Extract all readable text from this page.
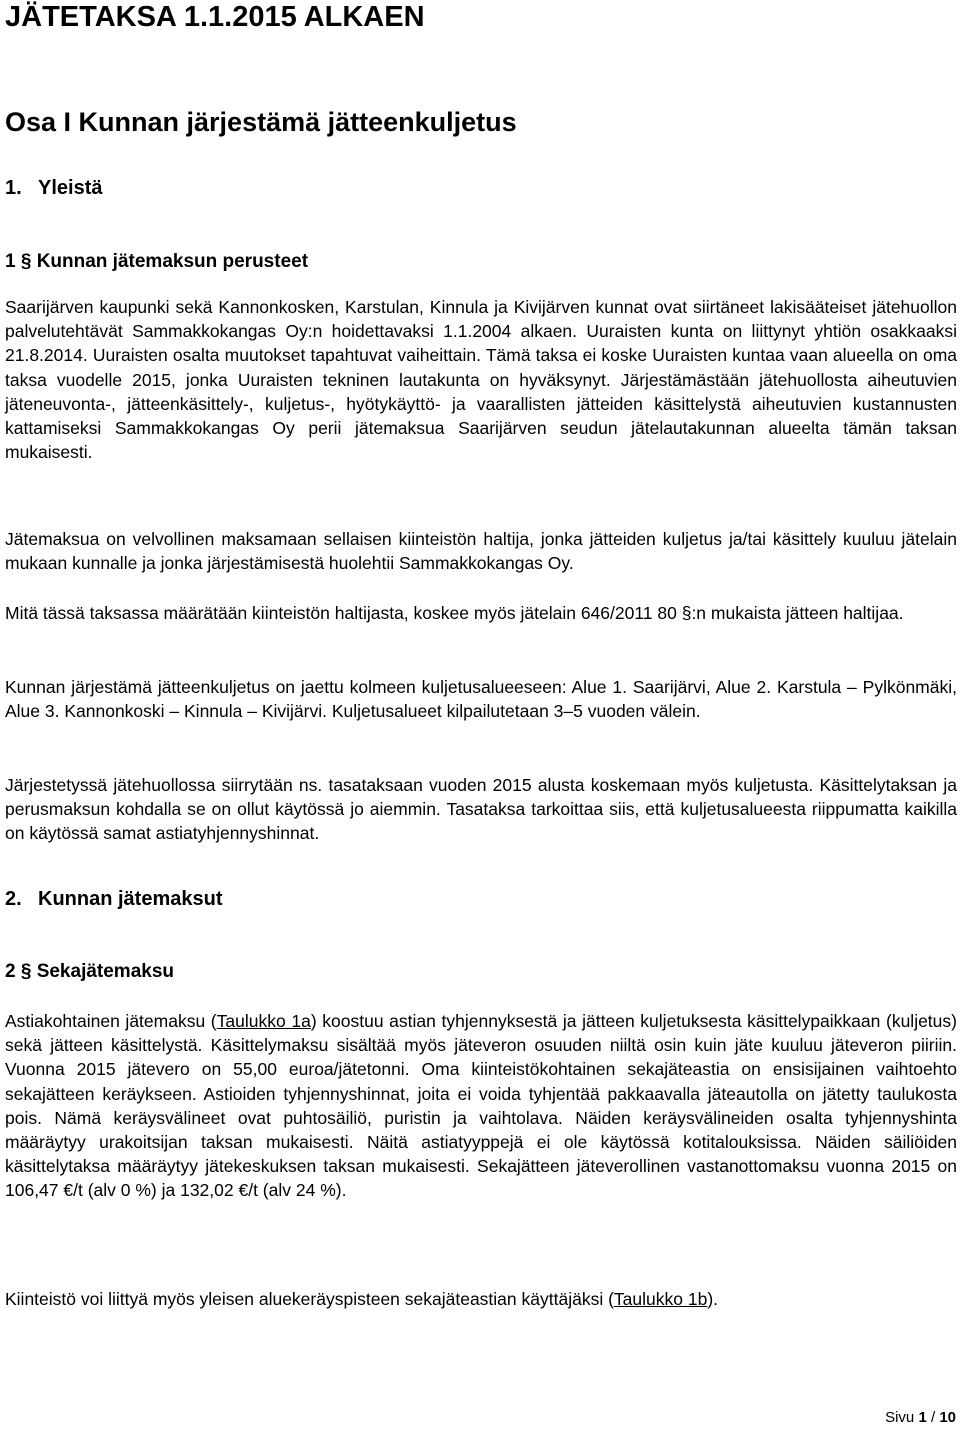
JÄTETAKSA 1.1.2015 ALKAEN
Osa I Kunnan järjestämä jätteenkuljetus
1. Yleistä
1 § Kunnan jätemaksun perusteet

Saarijärven kaupunki sekä Kannonkosken, Karstulan, Kinnula ja Kivijärven kunnat ovat siirtäneet lakisääteiset jätehuollon palvelutehtävät Sammakkokangas Oy:n hoidettavaksi 1.1.2004 alkaen. Uuraisten kunta on liittynyt yhtiön osakkaaksi 21.8.2014. Uuraisten osalta muutokset tapahtuvat vaiheittain. Tämä taksa ei koske Uuraisten kuntaa vaan alueella on oma taksa vuodelle 2015, jonka Uuraisten tekninen lautakunta on hyväksynyt. Järjestämästään jätehuollosta aiheutuvien jäteneuvonta-, jätteenkäsittely-, kuljetus-, hyötykäyttö- ja vaarallisten jätteiden käsittelystä aiheutuvien kustannusten kattamiseksi Sammakkokangas Oy perii jätemaksua Saarijärven seudun jätelautakunnan alueelta tämän taksan mukaisesti.

Jätemaksua on velvollinen maksamaan sellaisen kiinteistön haltija, jonka jätteiden kuljetus ja/tai käsittely kuuluu jätelain mukaan kunnalle ja jonka järjestämisestä huolehtii Sammakkokangas Oy.

Mitä tässä taksassa määrätään kiinteistön haltijasta, koskee myös jätelain 646/2011 80 §:n mukaista jätteen haltijaa.

Kunnan järjestämä jätteenkuljetus on jaettu kolmeen kuljetusalueeseen: Alue 1. Saarijärvi, Alue 2. Karstula – Pylkönmäki, Alue 3. Kannonkoski – Kinnula – Kivijärvi. Kuljetusalueet kilpailutetaan 3–5 vuoden välein.

Järjestetyssä jätehuollossa siirrytään ns. tasataksaan vuoden 2015 alusta koskemaan myös kuljetusta. Käsittelytaksan ja perusmaksun kohdalla se on ollut käytössä jo aiemmin. Tasataksa tarkoittaa siis, että kuljetusalueesta riippumatta kaikilla on käytössä samat astiatyhjennyshinnat.

2. Kunnan jätemaksut
2 § Sekajätemaksu

Astiakohtainen jätemaksu (Taulukko 1a) koostuu astian tyhjennyksestä ja jätteen kuljetuksesta käsittelypaikkaan (kuljetus) sekä jätteen käsittelystä. Käsittelymaksu sisältää myös jäteveron osuuden niiltä osin kuin jäte kuuluu jäteveron piiriin. Vuonna 2015 jätevero on 55,00 euroa/jätetonni. Oma kiinteistökohtainen sekajäteastia on ensisijainen vaihtoehto sekajätteen keräykseen. Astioiden tyhjennyshinnat, joita ei voida tyhjentää pakkaavalla jäteautolla on jätetty taulukosta pois. Nämä keräysvälineet ovat puhtosäiliö, puristin ja vaihtolava. Näiden keräysvälineiden osalta tyhjennyshinta määräytyy urakoitsijan taksan mukaisesti. Näitä astiatyyppejä ei ole käytössä kotitalouksissa. Näiden säiliöiden käsittelytaksa määräytyy jätekeskuksen taksan mukaisesti. Sekajätteen jäteverollinen vastanottomaksu vuonna 2015 on 106,47 €/t (alv 0 %) ja 132,02 €/t (alv 24 %).

Kiinteistö voi liittyä myös yleisen aluekeräyspisteen sekajäteastian käyttäjäksi (Taulukko 1b).

Sivu 1 / 10
